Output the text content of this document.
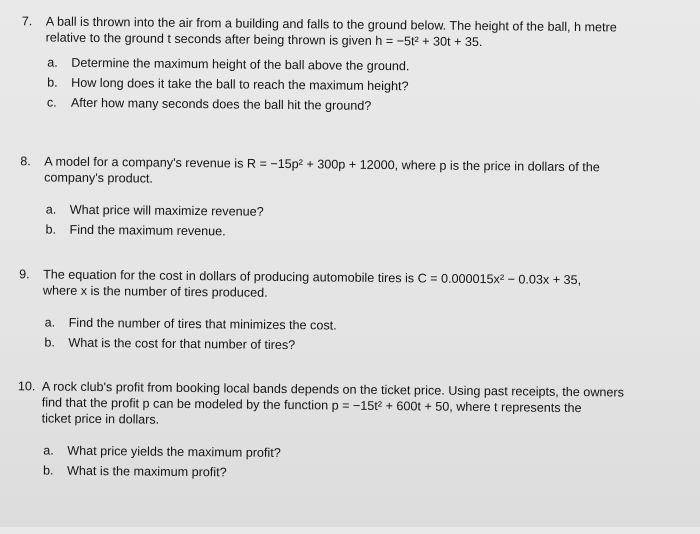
7. A ball is thrown into the air from a building and falls to the ground below. The height of the ball, h metre
relative to the ground t seconds after being thrown is given h = −5t² + 30t + 35.
a. Determine the maximum height of the ball above the ground.
b. How long does it take the ball to reach the maximum height?
c. After how many seconds does the ball hit the ground?
8. A model for a company's revenue is R = −15p² + 300p + 12000, where p is the price in dollars of the
company's product.
a. What price will maximize revenue?
b. Find the maximum revenue.
9. The equation for the cost in dollars of producing automobile tires is C = 0.000015x² − 0.03x + 35,
where x is the number of tires produced.
a. Find the number of tires that minimizes the cost.
b. What is the cost for that number of tires?
10. A rock club's profit from booking local bands depends on the ticket price. Using past receipts, the owners
find that the profit p can be modeled by the function p = −15t² + 600t + 50, where t represents the
ticket price in dollars.
a. What price yields the maximum profit?
b. What is the maximum profit?
